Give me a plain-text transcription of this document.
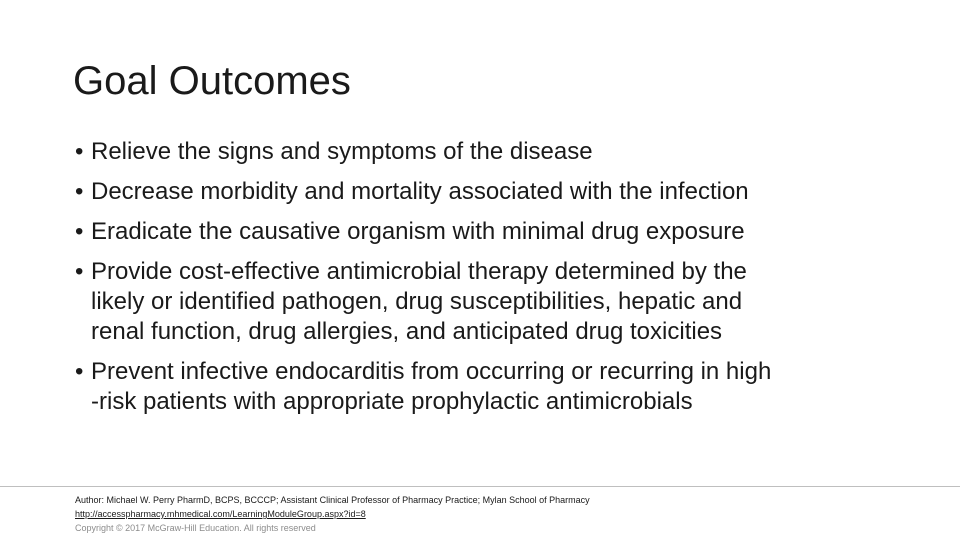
Goal Outcomes
• Relieve the signs and symptoms of the disease
• Decrease morbidity and mortality associated with the infection
• Eradicate the causative organism with minimal drug exposure
• Provide cost-effective antimicrobial therapy determined by the
likely or identified pathogen, drug susceptibilities, hepatic and
renal function, drug allergies, and anticipated drug toxicities
• Prevent infective endocarditis from occurring or recurring in high
-risk patients with appropriate prophylactic antimicrobials
Author: Michael W. Perry PharmD, BCPS, BCCCP; Assistant Clinical Professor of Pharmacy Practice; Mylan School of Pharmacy
http://accesspharmacy.mhmedical.com/LearningModuleGroup.aspx?id=8
Copyright © 2017 McGraw-Hill Education. All rights reserved
